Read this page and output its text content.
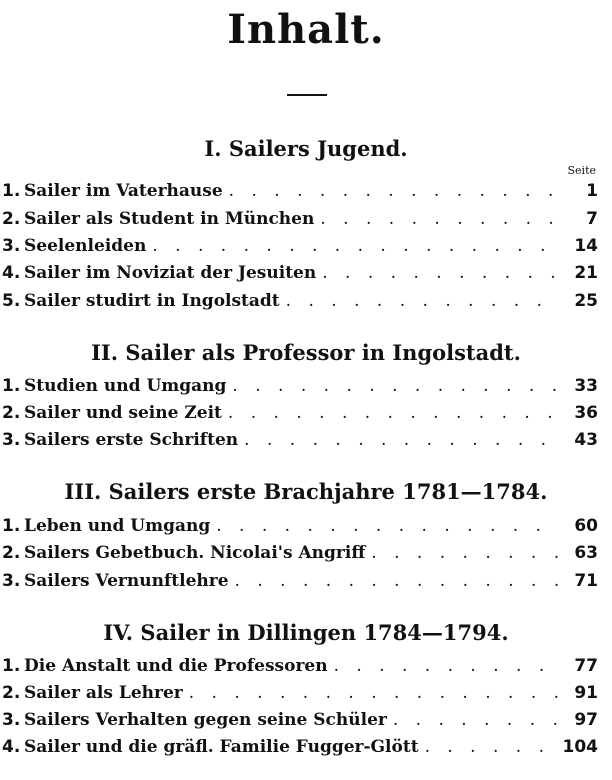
Inhalt.
I. Sailers Jugend.
Seite
1. Sailer im Vaterhause . . .	1
2. Sailer als Student in München . . .	7
3. Seelenleiden . . .	14
4. Sailer im Noviziat der Jesuiten . . .	21
5. Sailer studirt in Ingolstadt . . .	25
II. Sailer als Professor in Ingolstadt.
1. Studien und Umgang . . .	33
2. Sailer und seine Zeit . . .	36
3. Sailers erste Schriften . . .	43
III. Sailers erste Brachjahre 1781—1784.
1. Leben und Umgang . . .	60
2. Sailers Gebetbuch. Nicolai's Angriff . . .	63
3. Sailers Vernunftlehre . . .	71
IV. Sailer in Dillingen 1784—1794.
1. Die Anstalt und die Professoren . . .	77
2. Sailer als Lehrer . . .	91
3. Sailers Verhalten gegen seine Schüler . . .	97
4. Sailer und die gräfl. Familie Fugger-Glött . . .	104
